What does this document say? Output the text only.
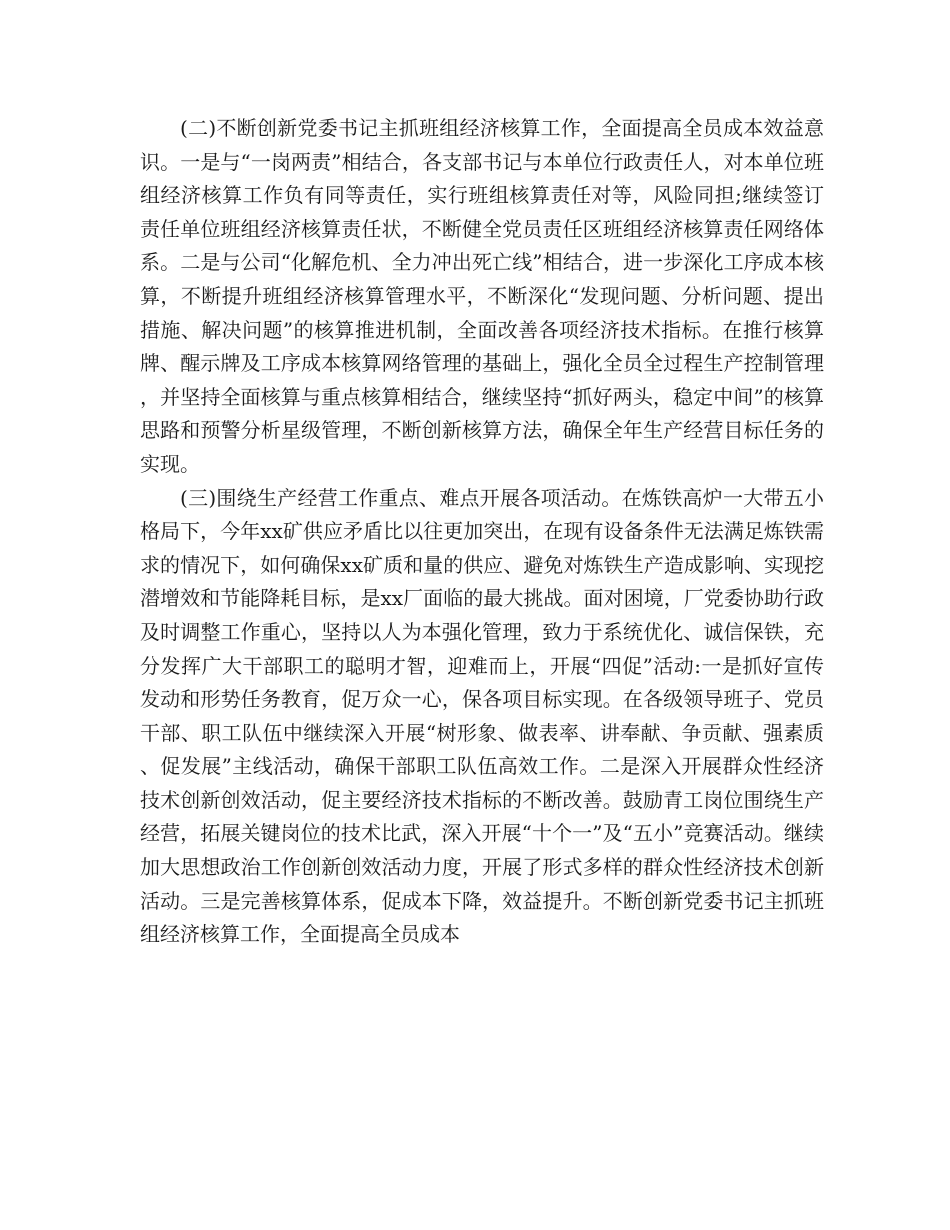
(二)不断创新党委书记主抓班组经济核算工作，全面提高全员成本效益意识。一是与“一岗两责”相结合，各支部书记与本单位行政责任人，对本单位班组经济核算工作负有同等责任，实行班组核算责任对等，风险同担;继续签订责任单位班组经济核算责任状，不断健全党员责任区班组经济核算责任网络体系。二是与公司“化解危机、全力冲出死亡线”相结合，进一步深化工序成本核算，不断提升班组经济核算管理水平，不断深化“发现问题、分析问题、提出措施、解决问题”的核算推进机制，全面改善各项经济技术指标。在推行核算牌、醒示牌及工序成本核算网络管理的基础上，强化全员全过程生产控制管理，并坚持全面核算与重点核算相结合，继续坚持“抓好两头，稳定中间”的核算思路和预警分析星级管理，不断创新核算方法，确保全年生产经营目标任务的实现。

(三)围绕生产经营工作重点、难点开展各项活动。在炼铁高炉一大带五小格局下，今年xx矿供应矛盾比以往更加突出，在现有设备条件无法满足炼铁需求的情况下，如何确保xx矿质和量的供应、避免对炼铁生产造成影响、实现挖潜增效和节能降耗目标，是xx厂面临的最大挑战。面对困境，厂党委协助行政及时调整工作重心，坚持以人为本强化管理，致力于系统优化、诚信保铁，充分发挥广大干部职工的聪明才智，迎难而上，开展“四促”活动:一是抓好宣传发动和形势任务教育，促万众一心，保各项目标实现。在各级领导班子、党员干部、职工队伍中继续深入开展“树形象、做表率、讲奉献、争贡献、强素质、促发展”主线活动，确保干部职工队伍高效工作。二是深入开展群众性经济技术创新创效活动，促主要经济技术指标的不断改善。鼓励青工岗位围绕生产经营，拓展关键岗位的技术比武，深入开展“十个一”及“五小”竞赛活动。继续加大思想政治工作创新创效活动力度，开展了形式多样的群众性经济技术创新活动。三是完善核算体系，促成本下降，效益提升。不断创新党委书记主抓班组经济核算工作，全面提高全员成本
